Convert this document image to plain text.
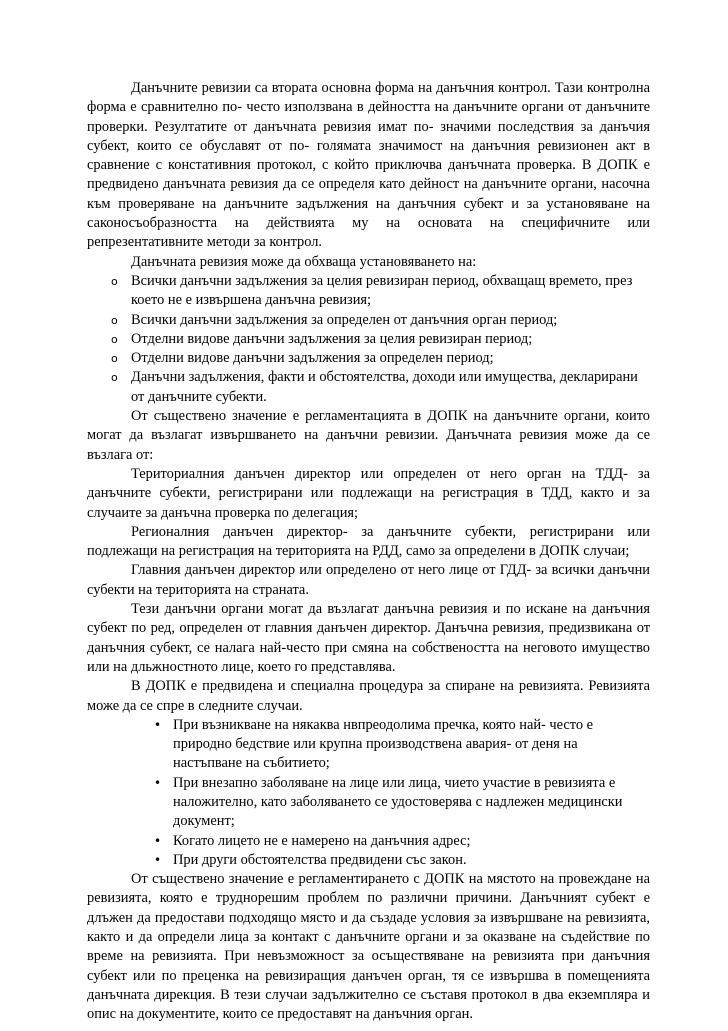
Данъчните ревизии са втората основна форма на данъчния контрол. Тази контролна форма е сравнително по- често използвана в дейността на данъчните органи от данъчните проверки. Резултатите от данъчната ревизия имат по- значими последствия за данъчия субект, които се обуславят от по- голямата значимост на данъчния ревизионен акт в сравнение с констативния протокол, с който приключва данъчната проверка. В ДОПК е предвидено данъчната ревизия да се определя като дейност на данъчните органи, насочна към проверяване на данъчните задължения на данъчния субект и за установяване на саконосъобразността на действията му на основата на специфичните или репрезентативните методи за контрол.

Данъчната ревизия може да обхваща установяването на:

o Всички данъчни задължения за целия ревизиран период, обхващащ времето, през което не е извършена данъчна ревизия;
o Всички данъчни задължения за определен от данъчния орган период;
o Отделни видове данъчни задължения за целия ревизиран период;
o Отделни видове данъчни задължения за определен период;
o Данъчни задължения, факти и обстоятелства, доходи или имущества, декларирани от данъчните субекти.

От съществено значение е регламентацията в ДОПК на данъчните органи, които могат да възлагат извършването на данъчни ревизии. Данъчната ревизия може да се възлага от:

Териториалния данъчен директор или определен от него орган на ТДД- за данъчните субекти, регистрирани или подлежащи на регистрация в ТДД, както и за случаите за данъчна проверка по делегация;

Регионалния данъчен директор- за данъчните субекти, регистрирани или подлежащи на регистрация на територията на РДД, само за определени в ДОПК случаи;

Главния данъчен директор или определено от него лице от ГДД- за всички данъчни субекти на територията на страната.

Тези данъчни органи могат да възлагат данъчна ревизия и по искане на данъчния субект по ред, определен от главния данъчен директор. Данъчна ревизия, предизвикана от данъчния субект, се налага най-често при смяна на собствеността на неговото имущество или на дльжностното лице, което го представлява.

В ДОПК е предвидена и специална процедура за спиране на ревизията. Ревизията може да се спре в следните случаи.

• При възникване на някаква нвпреодолима пречка, която най- често е природно бедствие или крупна производствена авария- от деня на настъпване на събитието;
• При внезапно заболяване на лице или лица, чието участие в ревизията е наложително, като заболяването се удостоверява с надлежен медицински документ;
• Когато лицето не е намерено на данъчния адрес;
• При други обстоятелства предвидени със закон.

От съществено значение е регламентирането с ДОПК на мястото на провеждане на ревизията, която е труднорешим проблем по различни причини. Данъчният субект е длъжен да предостави подходящо място и да създаде условия за извършване на ревизията, както и да определи лица за контакт с данъчните органи и за оказване на съдействие по време на ревизията. При невъзможност за осъществяване на ревизията при данъчния субект или по преценка на ревизиращия данъчен орган, тя се извършва в помещенията данъчната дирекция. В тези случаи задължително се съставя протокол в два екземпляра и опис на документите, които се предоставят на данъчния орган.
